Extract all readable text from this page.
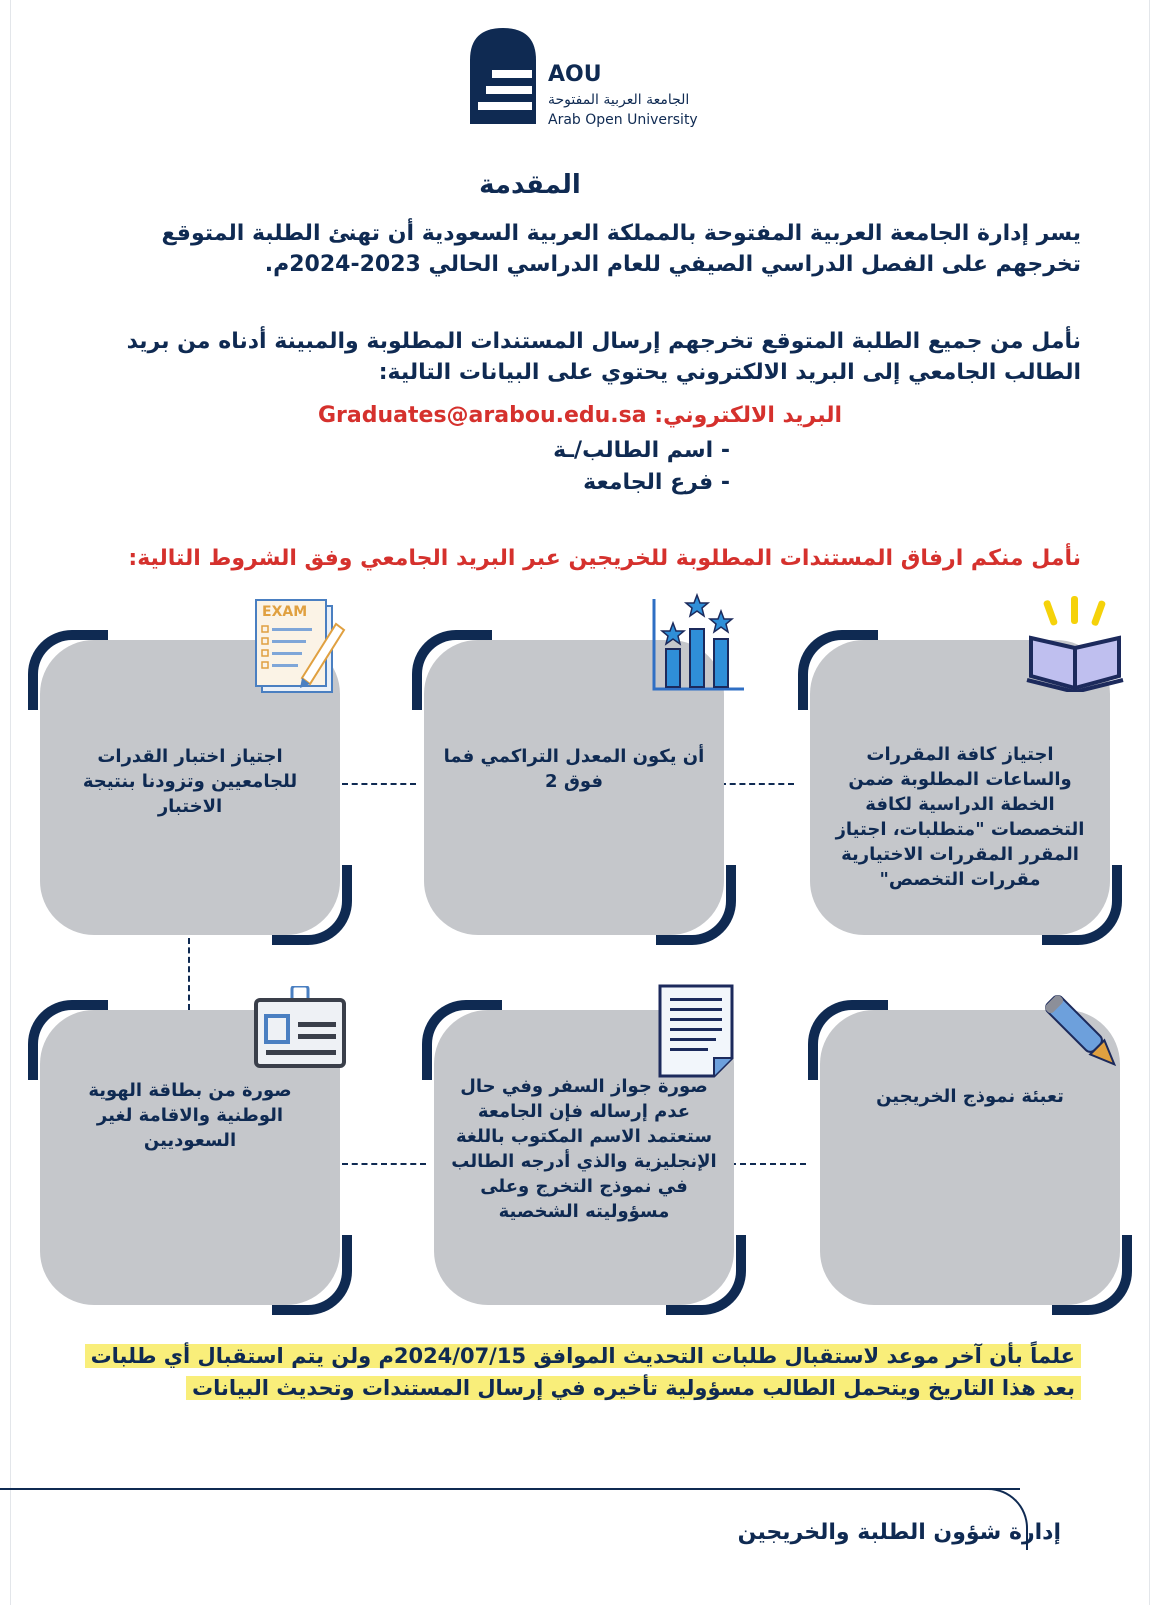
AOU
الجامعة العربية المفتوحة
Arab Open University
المقدمة
يسر إدارة الجامعة العربية المفتوحة بالمملكة العربية السعودية أن تهنئ الطلبة المتوقع تخرجهم على الفصل الدراسي الصيفي للعام الدراسي الحالي 2023-2024م.
نأمل من جميع الطلبة المتوقع تخرجهم إرسال المستندات المطلوبة والمبينة أدناه من بريد الطالب الجامعي إلى البريد الالكتروني يحتوي على البيانات التالية:
البريد الالكتروني: Graduates@arabou.edu.sa
- اسم الطالب/ـة
- فرع الجامعة
نأمل منكم ارفاق المستندات المطلوبة للخريجين عبر البريد الجامعي وفق الشروط التالية:
اجتياز كافة المقررات والساعات المطلوبة ضمن الخطة الدراسية لكافة التخصصات "متطلبات، اجتياز المقرر المقررات الاختيارية مقررات التخصص"
أن يكون المعدل التراكمي فما فوق 2
اجتياز اختبار القدرات للجامعيين وتزودنا بنتيجة الاختبار
EXAM
تعبئة نموذج الخريجين
صورة جواز السفر وفي حال عدم إرساله فإن الجامعة ستعتمد الاسم المكتوب باللغة الإنجليزية والذي أدرجه الطالب في نموذج التخرج وعلى مسؤوليته الشخصية
صورة من بطاقة الهوية الوطنية والاقامة لغير السعوديين
علماً بأن آخر موعد لاستقبال طلبات التحديث الموافق 2024/07/15م ولن يتم استقبال أي طلبات
بعد هذا التاريخ ويتحمل الطالب مسؤولية تأخيره في إرسال المستندات وتحديث البيانات
إدارة شؤون الطلبة والخريجين
